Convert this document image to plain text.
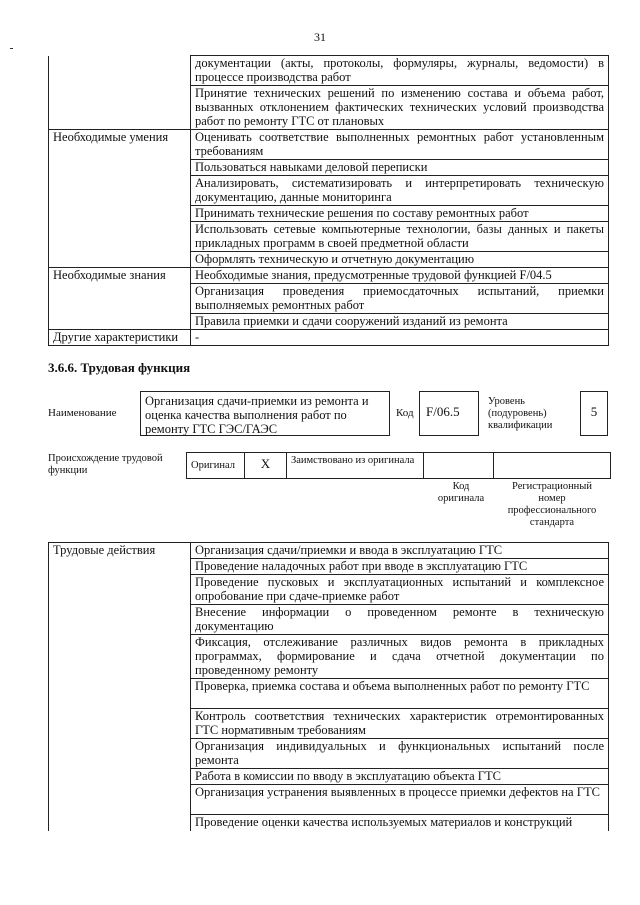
31
	документации (акты, протоколы, формуляры, журналы, ведомости) в процессе производства работ
	Принятие технических решений по изменению состава и объема работ, вызванных отклонением фактических технических условий производства работ по ремонту ГТС от плановых
Необходимые умения	Оценивать соответствие выполненных ремонтных работ установленным требованиям
	Пользоваться навыками деловой переписки
	Анализировать, систематизировать и интерпретировать техническую документацию, данные мониторинга
	Принимать технические решения по составу ремонтных работ
	Использовать сетевые компьютерные технологии, базы данных и пакеты прикладных программ в своей предметной области
	Оформлять техническую и отчетную документацию
Необходимые знания	Необходимые знания, предусмотренные трудовой функцией F/04.5
	Организация проведения приемосдаточных испытаний, приемки выполняемых ремонтных работ
	Правила приемки и сдачи сооружений изданий из ремонта
Другие характеристики	-
3.6.6. Трудовая функция
Наименование
Организация сдачи-приемки из ремонта и оценка качества выполнения работ по ремонту ГТС ГЭС/ГАЭС
Код F/06.5
Уровень (подуровень) квалификации
5
Происхождение трудовой функции	Оригинал	X	Заимствовано из оригинала		
Код оригинала
Регистрационный номер профессионального стандарта
Трудовые действия	Организация сдачи/приемки и ввода в эксплуатацию ГТС
Проведение наладочных работ при вводе в эксплуатацию ГТС
Проведение пусковых и эксплуатационных испытаний и комплексное опробование при сдаче-приемке работ
Внесение информации о проведенном ремонте в техническую документацию
Фиксация, отслеживание различных видов ремонта в прикладных программах, формирование и сдача отчетной документации по проведенному ремонту
Проверка, приемка состава и объема выполненных работ по ремонту ГТС
Контроль соответствия технических характеристик отремонтированных ГТС нормативным требованиям
Организация индивидуальных и функциональных испытаний после ремонта
Работа в комиссии по вводу в эксплуатацию объекта ГТС
Организация устранения выявленных в процессе приемки дефектов на ГТС
Проведение оценки качества используемых материалов и конструкций
